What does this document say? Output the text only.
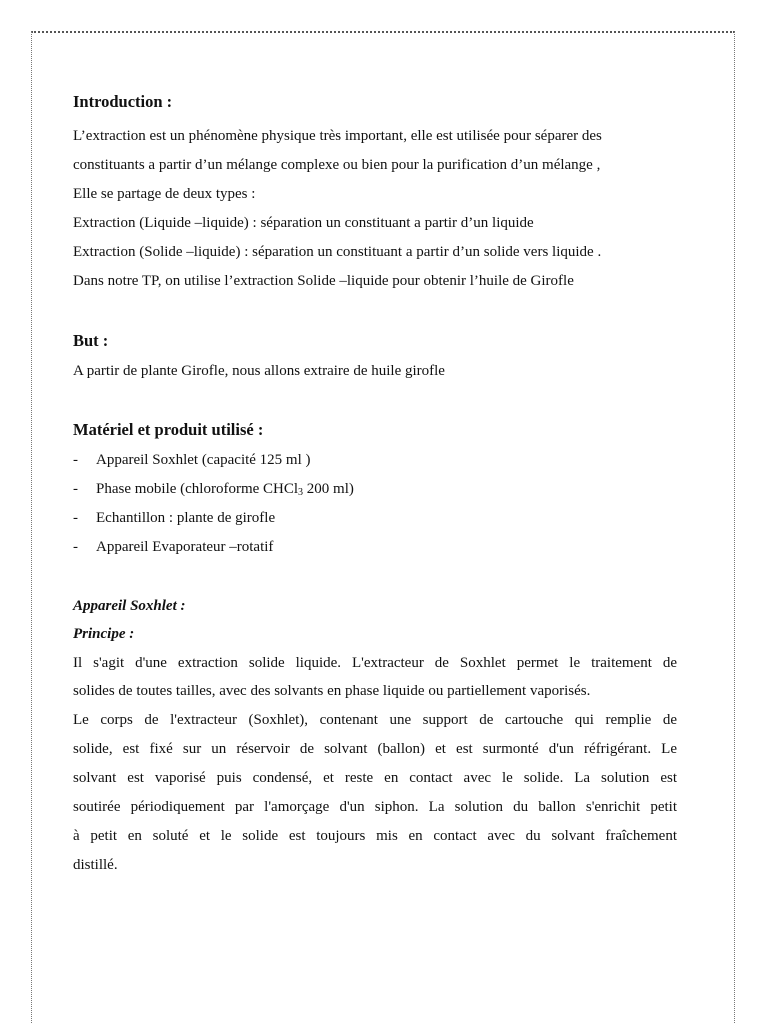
Introduction :
L’extraction est un phénomène physique très important, elle est utilisée pour séparer des
constituants a partir d’un mélange complexe ou bien pour la purification d’un mélange ,
Elle se partage de deux types :
Extraction (Liquide –liquide) : séparation un constituant a partir d’un liquide
Extraction (Solide –liquide) : séparation un constituant a partir d’un solide vers liquide .
Dans notre TP, on utilise l’extraction Solide –liquide pour obtenir l’huile de Girofle
But :
A partir de plante Girofle, nous allons extraire de huile girofle
Matériel et produit utilisé :
- Appareil Soxhlet (capacité 125 ml )
- Phase mobile (chloroforme CHCl$_3$ 200 ml)
- Echantillon : plante de girofle
- Appareil Evaporateur –rotatif
Appareil Soxhlet :
Principe :
Il s'agit d'une extraction solide liquide. L'extracteur de Soxhlet permet le traitement de
solides de toutes tailles, avec des solvants en phase liquide ou partiellement vaporisés.
Le corps de l'extracteur (Soxhlet), contenant une support de cartouche qui remplie de
solide, est fixé sur un réservoir de solvant (ballon) et est surmonté d'un réfrigérant. Le
solvant est vaporisé puis condensé, et reste en contact avec le solide. La solution est
soutirée périodiquement par l'amorçage d'un siphon. La solution du ballon s'enrichit petit
à petit en soluté et le solide est toujours mis en contact avec du solvant fraîchement
distillé.
